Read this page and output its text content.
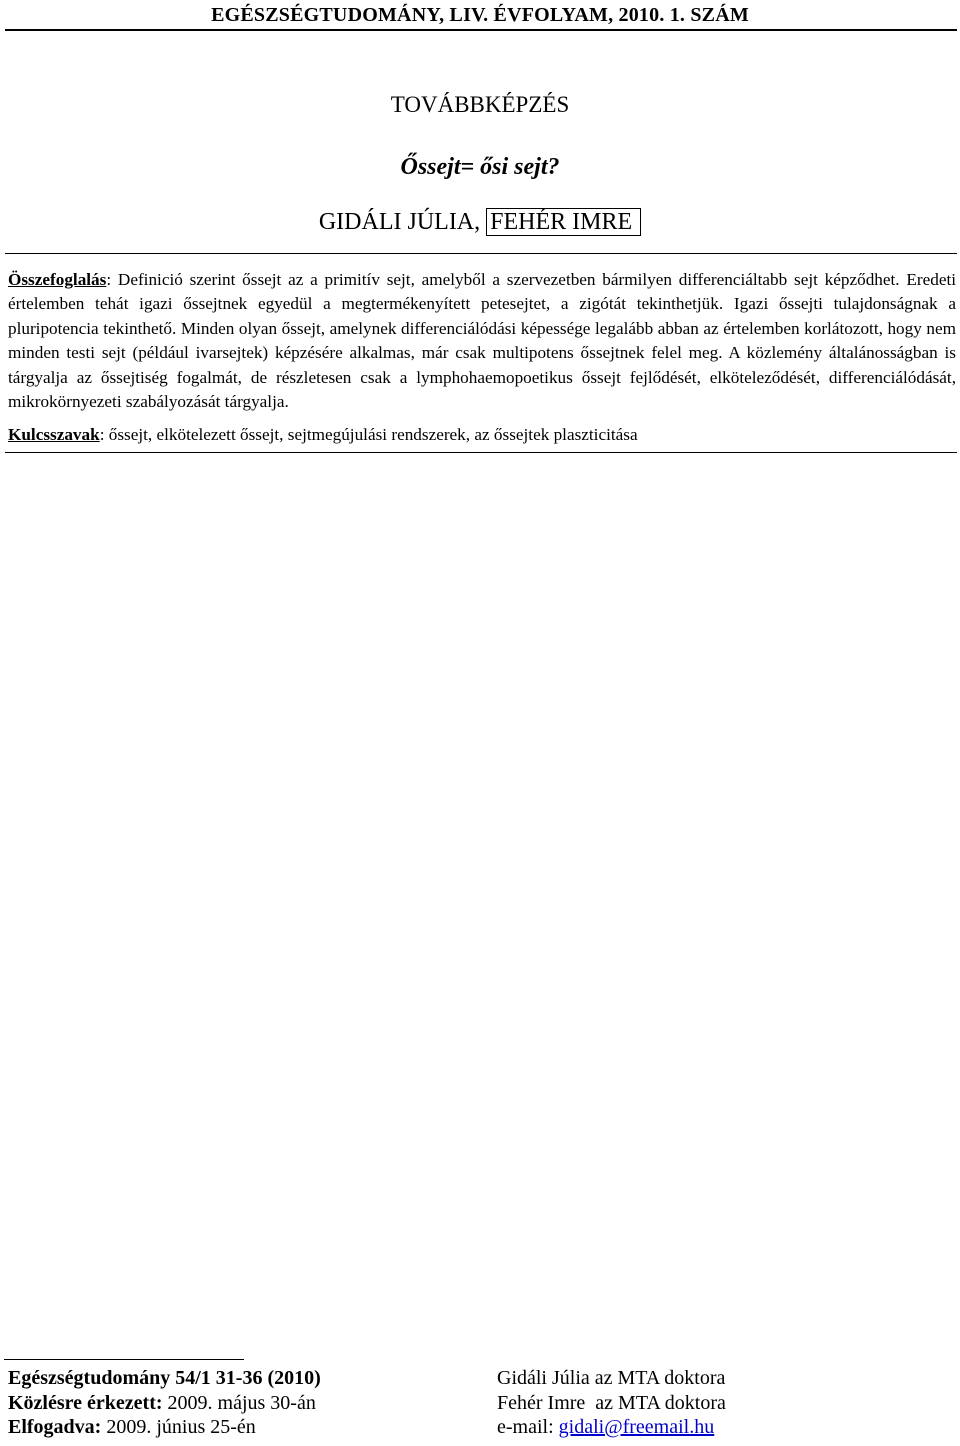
EGÉSZSÉGTUDOMÁNY, LIV. ÉVFOLYAM, 2010. 1. SZÁM
TOVÁBBKÉPZÉS
Őssejt= ősi sejt?
GIDÁLI JÚLIA, FEHÉR IMRE

Összefoglalás: Definició szerint őssejt az a primitív sejt, amelyből a szervezetben bármilyen differenciáltabb sejt képződhet. Eredeti értelemben tehát igazi őssejtnek egyedül a megtermékenyített petesejtet, a zigótát tekinthetjük. Igazi őssejti tulajdonságnak a pluripotencia tekinthető. Minden olyan őssejt, amelynek differenciálódási képessége legalább abban az értelemben korlátozott, hogy nem minden testi sejt (például ivarsejtek) képzésére alkalmas, már csak multipotens őssejtnek felel meg. A közlemény általánosságban is tárgyalja az őssejtiség fogalmát, de részletesen csak a lymphohaemopoetikus őssejt fejlődését, elköteleződését, differenciálódását, mikrokörnyezeti szabályozását tárgyalja.

Kulcsszavak: őssejt, elkötelezett őssejt, sejtmegújulási rendszerek, az őssejtek plaszticitása

Egészségtudomány 54/1 31-36 (2010)
Közlésre érkezett: 2009. május 30-án
Elfogadva: 2009. június 25-én
Gidáli Júlia az MTA doktora
Fehér Imre  az MTA doktora
e-mail: gidali@freemail.hu
